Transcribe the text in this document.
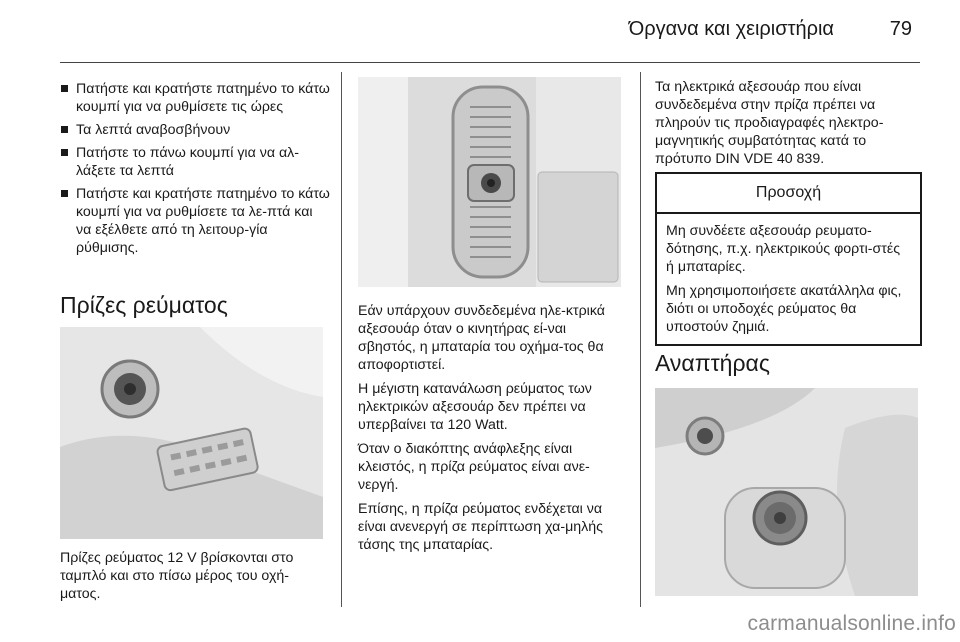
Όργανα και χειριστήρια	79
Πατήστε και κρατήστε πατημένο το κάτω κουμπί για να ρυθμίσετε τις ώρες
Τα λεπτά αναβοσβήνουν
Πατήστε το πάνω κουμπί για να αλ-λάξετε τα λεπτά
Πατήστε και κρατήστε πατημένο το κάτω κουμπί για να ρυθμίσετε τα λε-πτά και να εξέλθετε από τη λειτουρ-γία ρύθμισης.
Πρίζες ρεύματος

Πρίζες ρεύματος 12 V βρίσκονται στο ταμπλό και στο πίσω μέρος του οχή-ματος.

Εάν υπάρχουν συνδεδεμένα ηλε-κτρικά αξεσουάρ όταν ο κινητήρας εί-ναι σβηστός, η μπαταρία του οχήμα-τος θα αποφορτιστεί.

Η μέγιστη κατανάλωση ρεύματος των ηλεκτρικών αξεσουάρ δεν πρέπει να υπερβαίνει τα 120 Watt.

Όταν ο διακόπτης ανάφλεξης είναι κλειστός, η πρίζα ρεύματος είναι ανε-νεργή.

Επίσης, η πρίζα ρεύματος ενδέχεται να είναι ανενεργή σε περίπτωση χα-μηλής τάσης της μπαταρίας.

Τα ηλεκτρικά αξεσουάρ που είναι συνδεδεμένα στην πρίζα πρέπει να πληρούν τις προδιαγραφές ηλεκτρο-μαγνητικής συμβατότητας κατά το πρότυπο DIN VDE 40 839.

Προσοχή

Μη συνδέετε αξεσουάρ ρευματο-δότησης, π.χ. ηλεκτρικούς φορτι-στές ή μπαταρίες.

Μη χρησιμοποιήσετε ακατάλληλα φις, διότι οι υποδοχές ρεύματος θα υποστούν ζημιά.

Αναπτήρας
carmanualsonline.info
